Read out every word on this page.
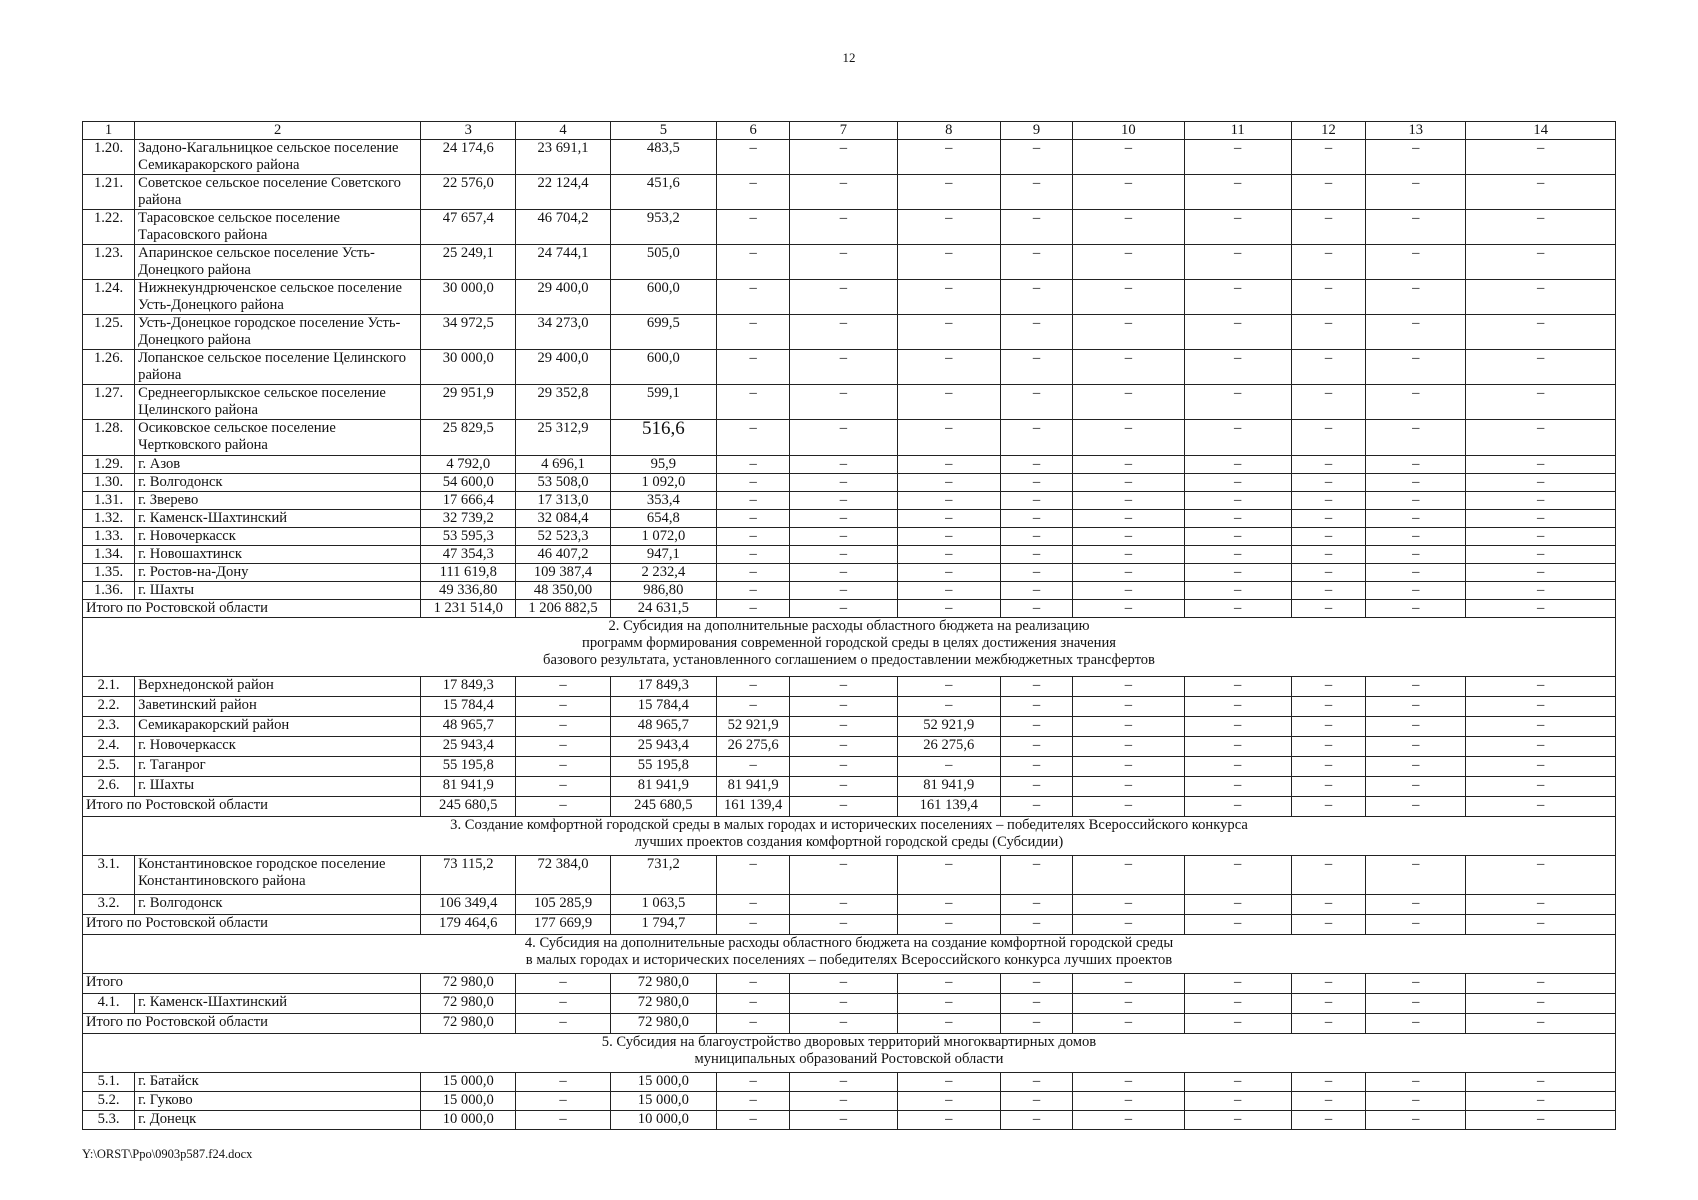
12
1	2	3	4	5	6	7	8	9	10	11	12	13	14
1.20.	Задоно-Кагальницкое сельское поселение Семикаракорского района	24 174,6	23 691,1	483,5	–	–	–	–	–	–	–	–	–
1.21.	Советское сельское поселение Советского района	22 576,0	22 124,4	451,6	–	–	–	–	–	–	–	–	–
1.22.	Тарасовское сельское поселение Тарасовского района	47 657,4	46 704,2	953,2	–	–	–	–	–	–	–	–	–
1.23.	Апаринское сельское поселение Усть-Донецкого района	25 249,1	24 744,1	505,0	–	–	–	–	–	–	–	–	–
1.24.	Нижнекундрюченское сельское поселение Усть-Донецкого района	30 000,0	29 400,0	600,0	–	–	–	–	–	–	–	–	–
1.25.	Усть-Донецкое городское поселение Усть-Донецкого района	34 972,5	34 273,0	699,5	–	–	–	–	–	–	–	–	–
1.26.	Лопанское сельское поселение Целинского района	30 000,0	29 400,0	600,0	–	–	–	–	–	–	–	–	–
1.27.	Среднеегорлыкское сельское поселение Целинского района	29 951,9	29 352,8	599,1	–	–	–	–	–	–	–	–	–
1.28.	Осиковское сельское поселение Чертковского района	25 829,5	25 312,9	516,6	–	–	–	–	–	–	–	–	–
1.29.	г. Азов	4 792,0	4 696,1	95,9	–	–	–	–	–	–	–	–	–
1.30.	г. Волгодонск	54 600,0	53 508,0	1 092,0	–	–	–	–	–	–	–	–	–
1.31.	г. Зверево	17 666,4	17 313,0	353,4	–	–	–	–	–	–	–	–	–
1.32.	г. Каменск-Шахтинский	32 739,2	32 084,4	654,8	–	–	–	–	–	–	–	–	–
1.33.	г. Новочеркасск	53 595,3	52 523,3	1 072,0	–	–	–	–	–	–	–	–	–
1.34.	г. Новошахтинск	47 354,3	46 407,2	947,1	–	–	–	–	–	–	–	–	–
1.35.	г. Ростов-на-Дону	111 619,8	109 387,4	2 232,4	–	–	–	–	–	–	–	–	–
1.36.	г. Шахты	49 336,80	48 350,00	986,80	–	–	–	–	–	–	–	–	–
Итого по Ростовской области		1 231 514,0	1 206 882,5	24 631,5	–	–	–	–	–	–	–	–	–

2. Субсидия на дополнительные расходы областного бюджета на реализацию
программ формирования современной городской среды в целях достижения значения
базового результата, установленного соглашением о предоставлении межбюджетных трансфертов													

2.1.	Верхнедонской район	17 849,3	–	17 849,3	–	–	–	–	–	–	–	–	–
2.2.	Заветинский район	15 784,4	–	15 784,4	–	–	–	–	–	–	–	–	–
2.3.	Семикаракорский район	48 965,7	–	48 965,7	52 921,9	–	52 921,9	–	–	–	–	–	–
2.4.	г. Новочеркасск	25 943,4	–	25 943,4	26 275,6	–	26 275,6	–	–	–	–	–	–
2.5.	г. Таганрог	55 195,8	–	55 195,8	–	–	–	–	–	–	–	–	–
2.6.	г. Шахты	81 941,9	–	81 941,9	81 941,9	–	81 941,9	–	–	–	–	–	–
Итого по Ростовской области		245 680,5	–	245 680,5	161 139,4	–	161 139,4	–	–	–	–	–	–

3. Создание комфортной городской среды в малых городах и исторических поселениях – победителях Всероссийского конкурса
лучших проектов создания комфортной городской среды (Субсидии)													

3.1.	Константиновское городское поселение Константиновского района	73 115,2	72 384,0	731,2	–	–	–	–	–	–	–	–	–
3.2.	г. Волгодонск	106 349,4	105 285,9	1 063,5	–	–	–	–	–	–	–	–	–
Итого по Ростовской области		179 464,6	177 669,9	1 794,7	–	–	–	–	–	–	–	–	–

4. Субсидия на дополнительные расходы областного бюджета на создание комфортной городской среды
в малых городах и исторических поселениях – победителях Всероссийского конкурса лучших проектов													

Итого		72 980,0	–	72 980,0	–	–	–	–	–	–	–	–	–
4.1.	г. Каменск-Шахтинский	72 980,0	–	72 980,0	–	–	–	–	–	–	–	–	–
Итого по Ростовской области		72 980,0	–	72 980,0	–	–	–	–	–	–	–	–	–

5. Субсидия на благоустройство дворовых территорий многоквартирных домов
муниципальных образований Ростовской области													

5.1.	г. Батайск	15 000,0	–	15 000,0	–	–	–	–	–	–	–	–	–
5.2.	г. Гуково	15 000,0	–	15 000,0	–	–	–	–	–	–	–	–	–
5.3.	г. Донецк	10 000,0	–	10 000,0	–	–	–	–	–	–	–	–	–
Y:\ORST\Ppo\0903p587.f24.docx
